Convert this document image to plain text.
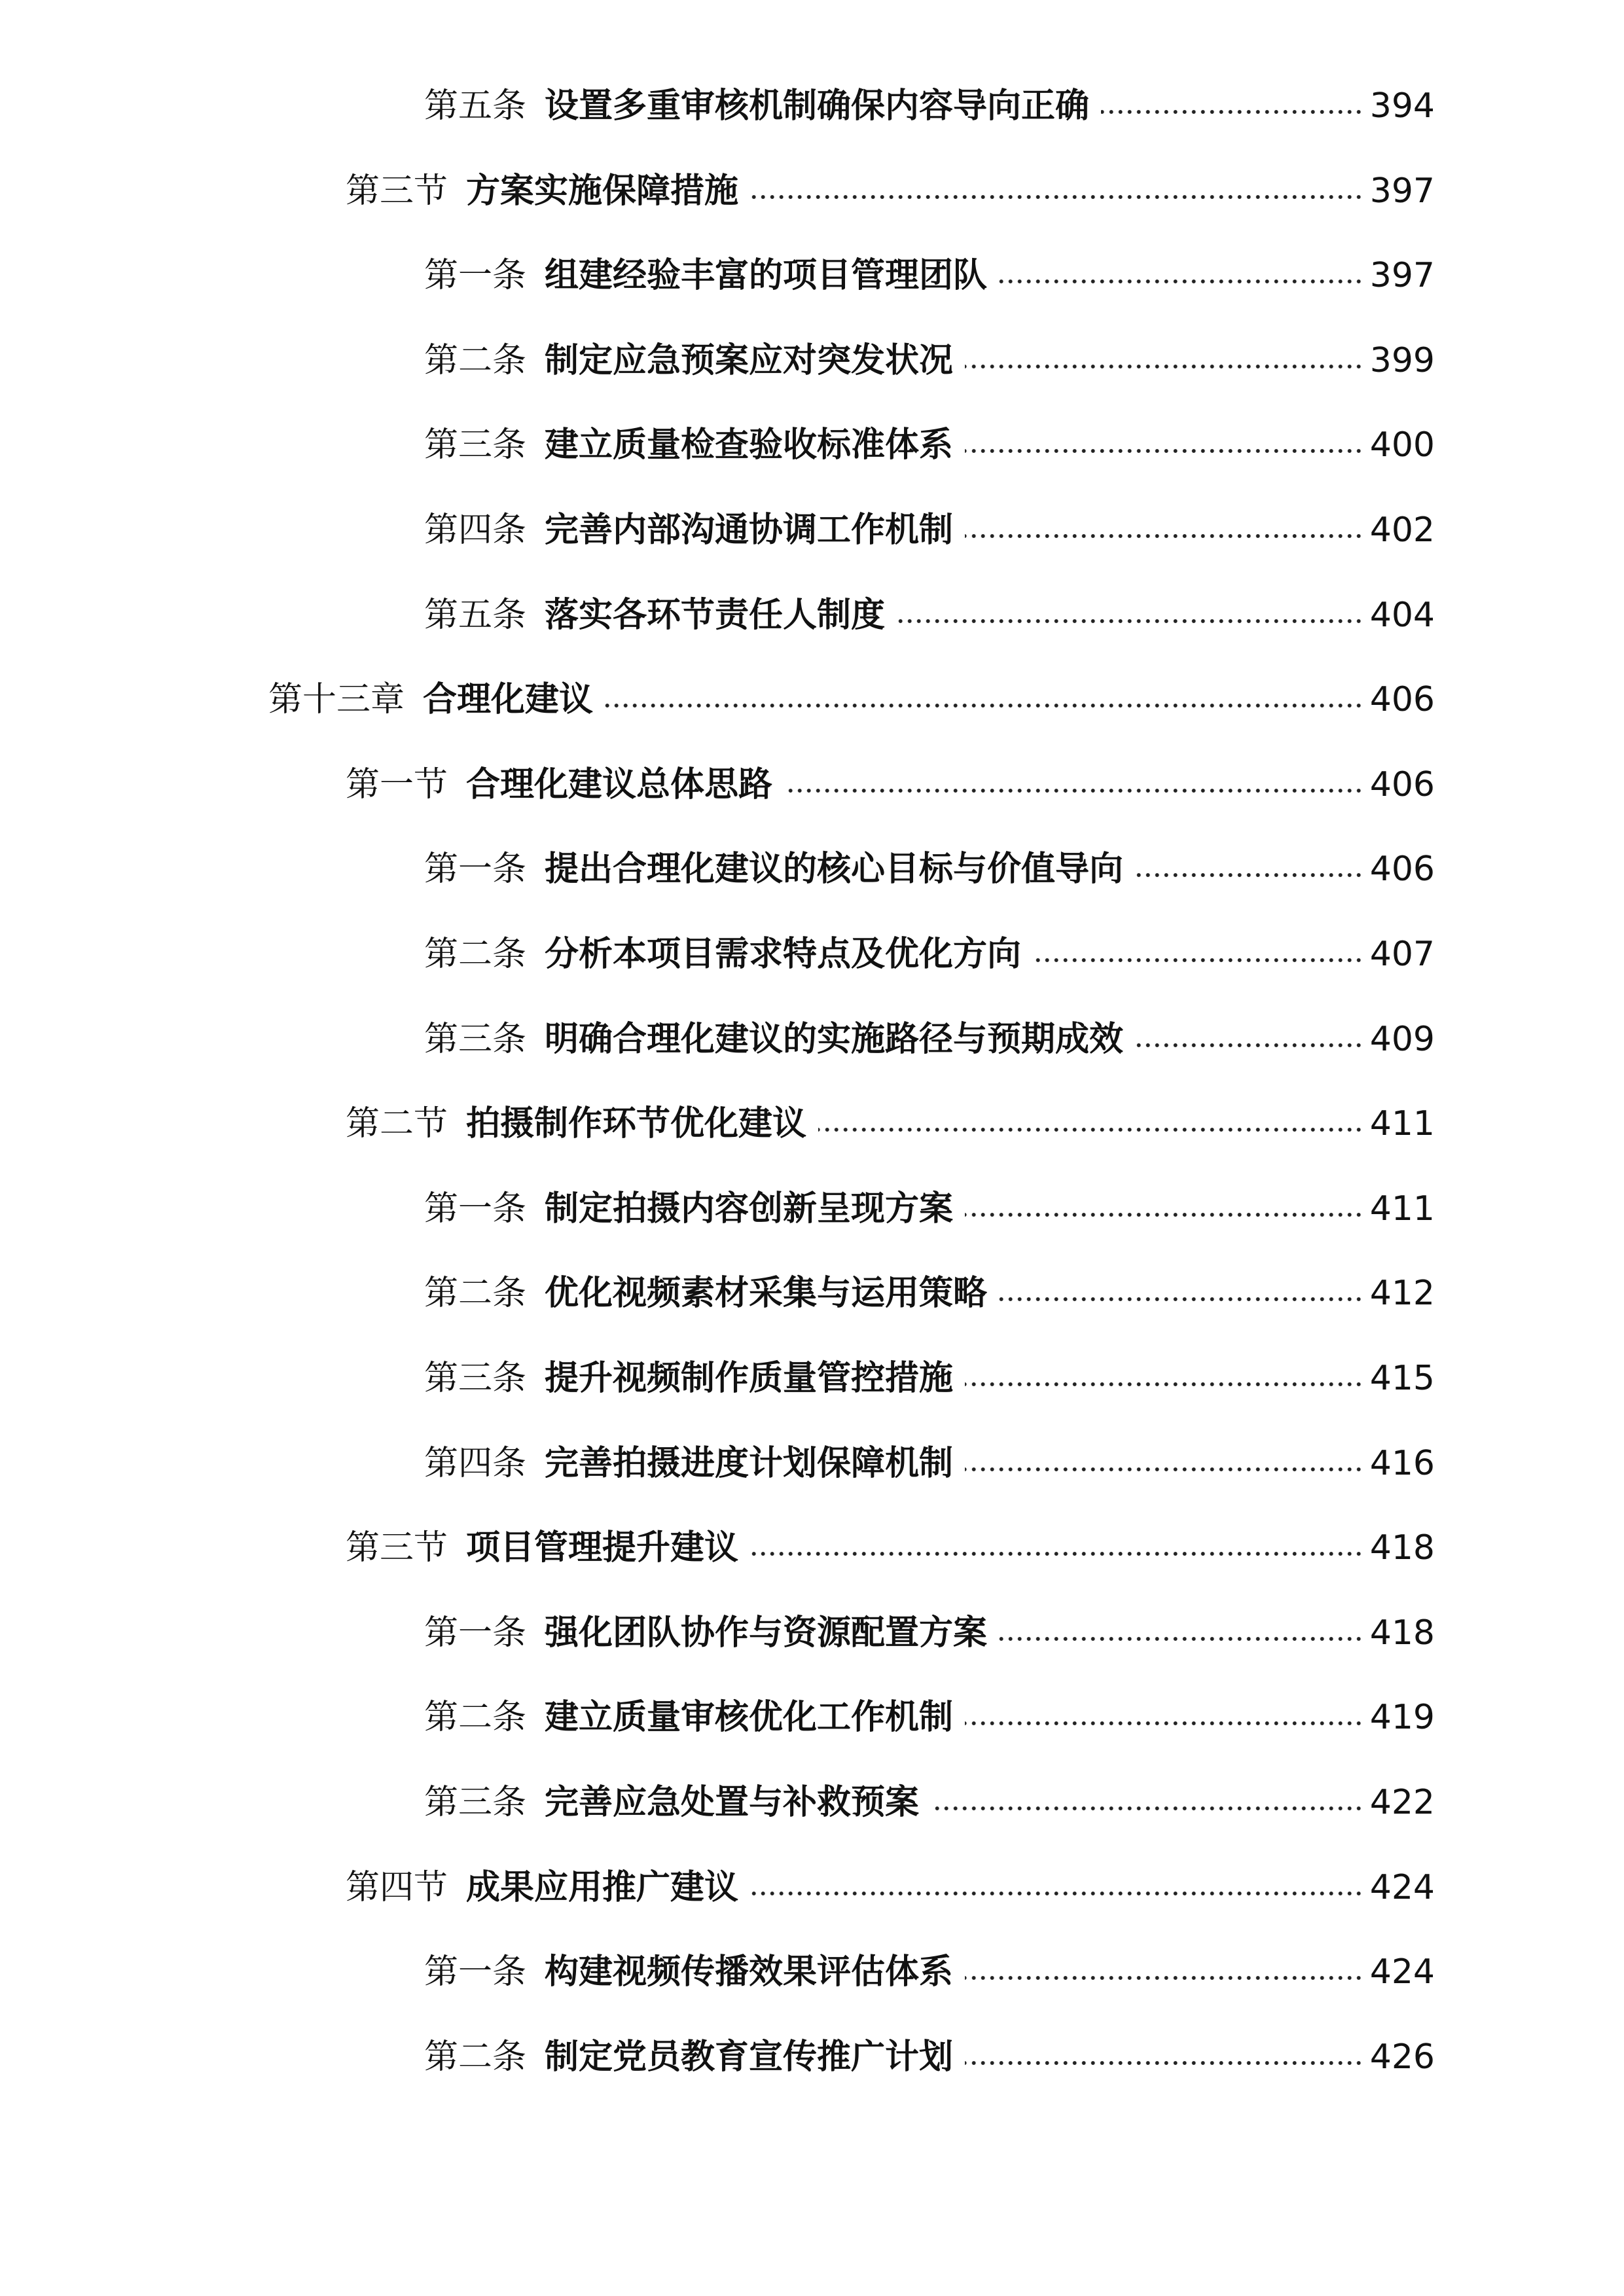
第五条 设置多重审核机制确保内容导向正确	394
第三节 方案实施保障措施	397
第一条 组建经验丰富的项目管理团队	397
第二条 制定应急预案应对突发状况	399
第三条 建立质量检查验收标准体系	400
第四条 完善内部沟通协调工作机制	402
第五条 落实各环节责任人制度	404
第十三章 合理化建议	406
第一节 合理化建议总体思路	406
第一条 提出合理化建议的核心目标与价值导向	406
第二条 分析本项目需求特点及优化方向	407
第三条 明确合理化建议的实施路径与预期成效	409
第二节 拍摄制作环节优化建议	411
第一条 制定拍摄内容创新呈现方案	411
第二条 优化视频素材采集与运用策略	412
第三条 提升视频制作质量管控措施	415
第四条 完善拍摄进度计划保障机制	416
第三节 项目管理提升建议	418
第一条 强化团队协作与资源配置方案	418
第二条 建立质量审核优化工作机制	419
第三条 完善应急处置与补救预案	422
第四节 成果应用推广建议	424
第一条 构建视频传播效果评估体系	424
第二条 制定党员教育宣传推广计划	426
